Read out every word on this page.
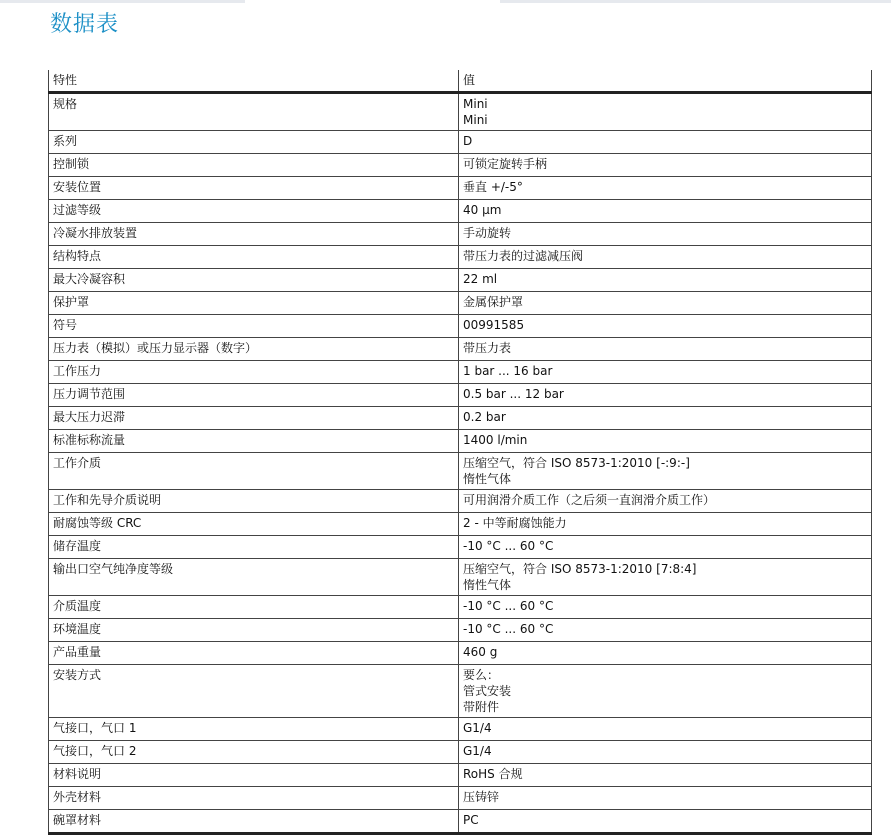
数据表
特性	值
规格	Mini
Mini

系列	D

控制锁	可锁定旋转手柄

安装位置	垂直 +/-5°

过滤等级	40 µm

冷凝水排放装置	手动旋转

结构特点	带压力表的过滤减压阀

最大冷凝容积	22 ml

保护罩	金属保护罩

符号	00991585

压力表（模拟）或压力显示器（数字）	带压力表

工作压力	1 bar ... 16 bar

压力调节范围	0.5 bar ... 12 bar

最大压力迟滞	0.2 bar

标准标称流量	1400 l/min

工作介质	压缩空气，符合 ISO 8573-1:2010 [-:9:-]
惰性气体

工作和先导介质说明	可用润滑介质工作（之后须一直润滑介质工作）

耐腐蚀等级 CRC	2 - 中等耐腐蚀能力

储存温度	-10 °C ... 60 °C

输出口空气纯净度等级	压缩空气，符合 ISO 8573-1:2010 [7:8:4]
惰性气体

介质温度	-10 °C ... 60 °C

环境温度	-10 °C ... 60 °C

产品重量	460 g

安装方式	要么：
管式安装
带附件

气接口，气口 1	G1/4

气接口，气口 2	G1/4

材料说明	RoHS 合规

外壳材料	压铸锌

碗罩材料	PC
